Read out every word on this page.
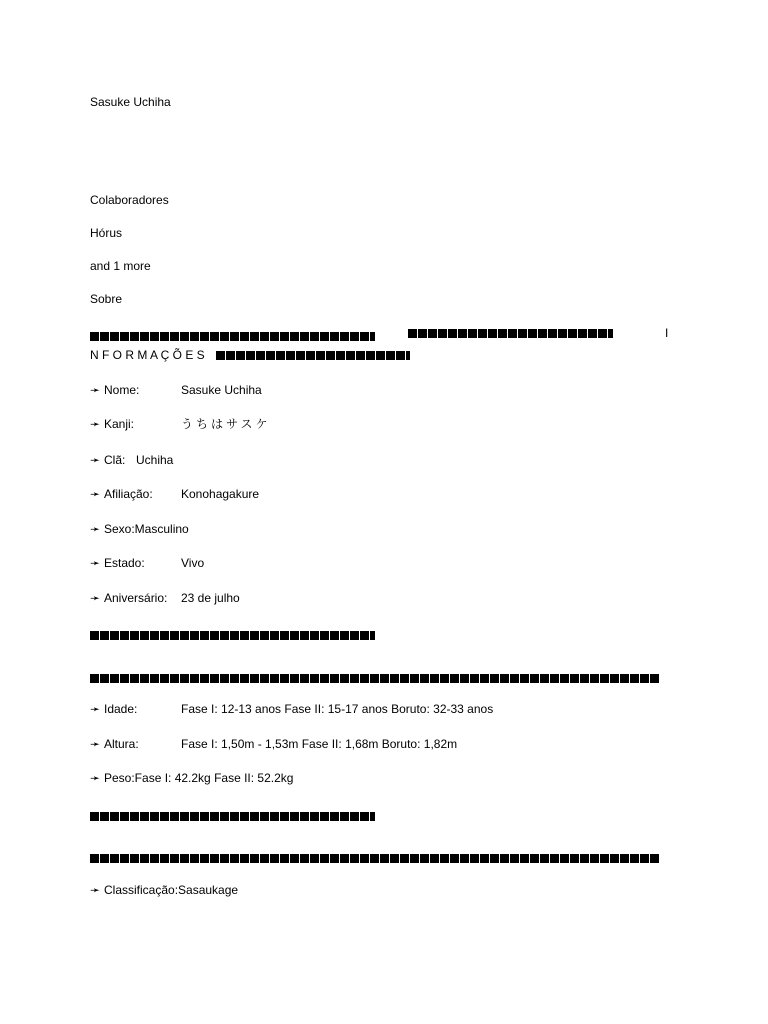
Sasuke Uchiha
Colaboradores
Hórus
and 1 more
Sobre
I
N F O R M A Ç Õ E S
➛ Nome:	Sasuke Uchiha
➛ Kanji:	うちはサスケ
➛ Clã: Uchiha
➛ Afiliação: Konohagakure
➛ Sexo:Masculino
➛ Estado:	Vivo
➛ Aniversário: 23 de julho
➛ Idade:	Fase I: 12-13 anos Fase II: 15-17 anos Boruto: 32-33 anos
➛ Altura:	Fase I: 1,50m - 1,53m Fase II: 1,68m Boruto: 1,82m
➛ Peso:Fase I: 42.2kg Fase II: 52.2kg
➛ Classificação:Sasaukage
